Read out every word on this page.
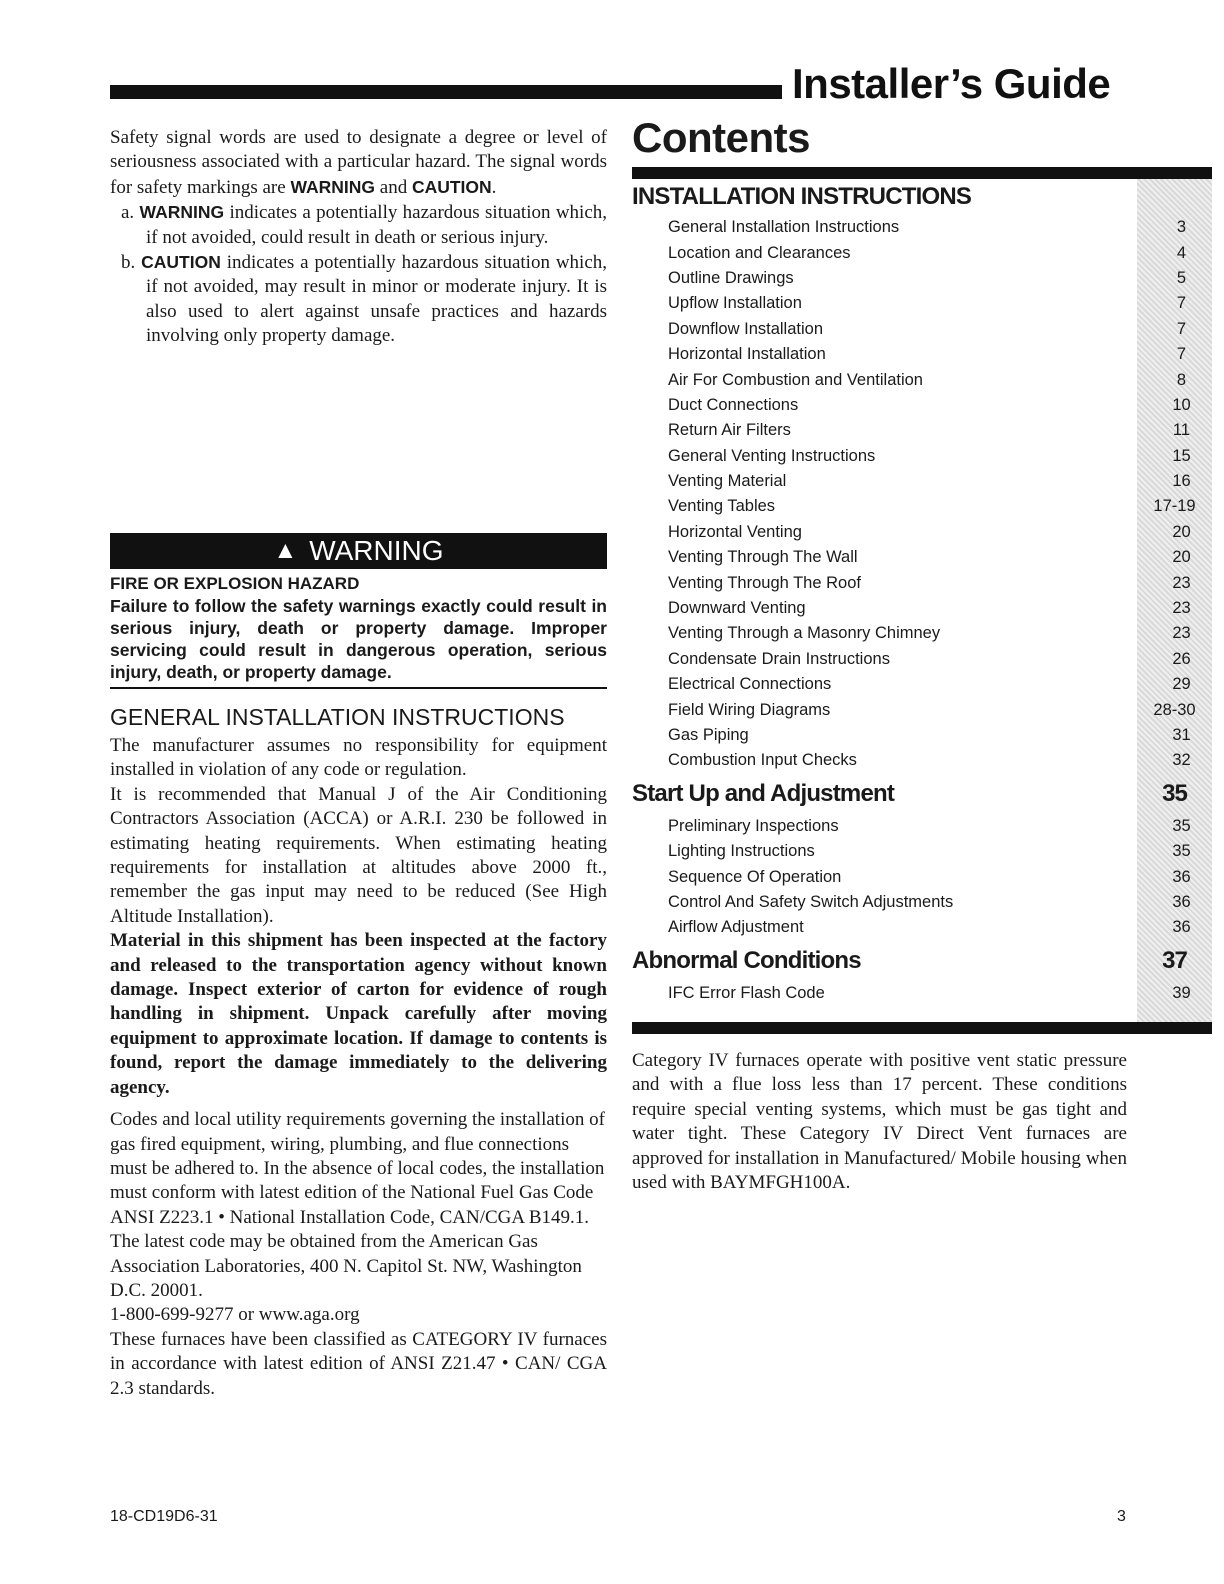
Installer’s Guide

Safety signal words are used to designate a degree or level of seriousness associated with a particular hazard. The signal words for safety markings are WARNING and CAUTION.

a. WARNING indicates a potentially hazardous situation which, if not avoided, could result in death or serious injury.
b. CAUTION indicates a potentially hazardous situation which, if not avoided, may result in minor or moderate injury. It is also used to alert against unsafe practices and hazards involving only property damage.
▲ WARNING
FIRE OR EXPLOSION HAZARD
Failure to follow the safety warnings exactly could result in serious injury, death or property damage. Improper servicing could result in dangerous operation, serious injury, death, or property damage.
GENERAL INSTALLATION INSTRUCTIONS

The manufacturer assumes no responsibility for equipment installed in violation of any code or regulation.

It is recommended that Manual J of the Air Conditioning Contractors Association (ACCA) or A.R.I. 230 be followed in estimating heating requirements. When estimating heating requirements for installation at altitudes above 2000 ft., remember the gas input may need to be reduced (See High Altitude Installation).

Material in this shipment has been inspected at the factory and released to the transportation agency without known damage. Inspect exterior of carton for evidence of rough handling in shipment. Unpack carefully after moving equipment to approximate location. If damage to contents is found, report the damage immediately to the delivering agency.

Codes and local utility requirements governing the installation of gas fired equipment, wiring, plumbing, and flue connections must be adhered to. In the absence of local codes, the installation must conform with latest edition of the National Fuel Gas Code ANSI Z223.1 • National Installation Code, CAN/CGA B149.1. The latest code may be obtained from the American Gas Association Laboratories, 400 N. Capitol St. NW, Washington D.C. 20001.

1-800-699-9277 or www.aga.org

These furnaces have been classified as CATEGORY IV furnaces in accordance with latest edition of ANSI Z21.47 • CAN/ CGA 2.3 standards.

Contents
INSTALLATION INSTRUCTIONS
General Installation Instructions	3
Location and Clearances	4
Outline Drawings	5
Upflow Installation	7
Downflow Installation	7
Horizontal Installation	7
Air For Combustion and Ventilation	8
Duct Connections	10
Return Air Filters	11
General Venting Instructions	15
Venting Material	16
Venting Tables	17-19
Horizontal Venting	20
Venting Through The Wall	20
Venting Through The Roof	23
Downward Venting	23
Venting Through a Masonry Chimney	23
Condensate Drain Instructions	26
Electrical Connections	29
Field Wiring Diagrams	28-30
Gas Piping	31
Combustion Input Checks	32
Start Up and Adjustment	35
Preliminary Inspections	35
Lighting Instructions	35
Sequence Of Operation	36
Control And Safety Switch Adjustments	36
Airflow Adjustment	36
Abnormal Conditions	37
IFC Error Flash Code	39

Category IV furnaces operate with positive vent static pressure and with a flue loss less than 17 percent. These conditions require special venting systems, which must be gas tight and water tight. These Category IV Direct Vent furnaces are approved for installation in Manufactured/ Mobile housing when used with BAYMFGH100A.

18-CD19D6-31	3
